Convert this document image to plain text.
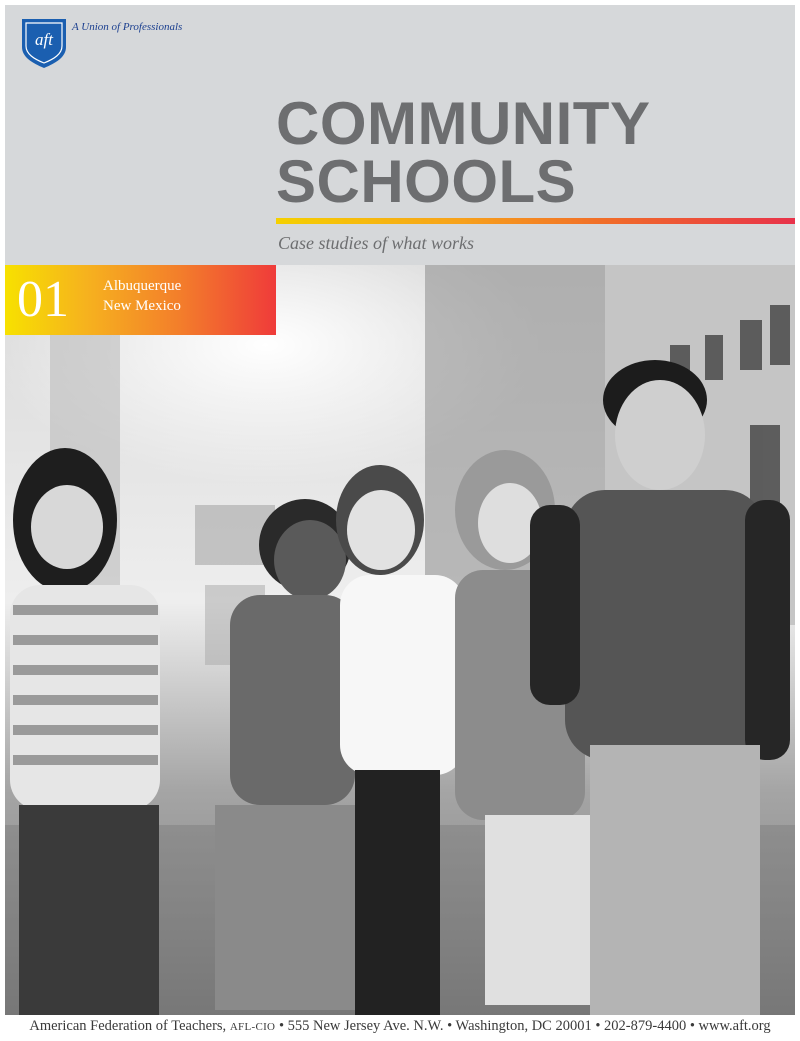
aft
A Union of Professionals
COMMUNITY
SCHOOLS
Case studies of what works
01 Albuquerque
New Mexico
American Federation of Teachers, AFL-CIO • 555 New Jersey Ave. N.W. • Washington, DC 20001 • 202-879-4400 • www.aft.org
